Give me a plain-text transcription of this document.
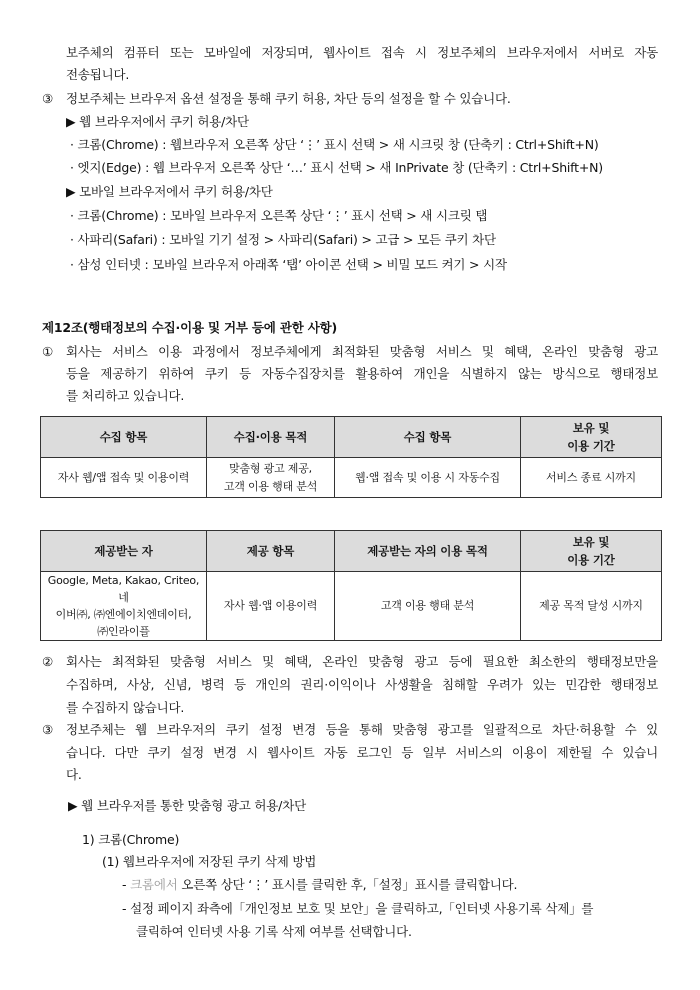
보주체의 컴퓨터 또는 모바일에 저장되며, 웹사이트 접속 시 정보주체의 브라우저에서 서버로 자동
전송됩니다.
③ 정보주체는 브라우저 옵션 설정을 통해 쿠키 허용, 차단 등의 설정을 할 수 있습니다.
▶ 웹 브라우저에서 쿠키 허용/차단
· 크롬(Chrome) : 웹브라우저 오른쪽 상단 ‘⋮’ 표시 선택 > 새 시크릿 창 (단축키 : Ctrl+Shift+N)
· 엣지(Edge) : 웹 브라우저 오른쪽 상단 ‘…’ 표시 선택 > 새 InPrivate 창 (단축키 : Ctrl+Shift+N)
▶ 모바일 브라우저에서 쿠키 허용/차단
· 크롬(Chrome) : 모바일 브라우저 오른쪽 상단 ‘⋮’ 표시 선택 > 새 시크릿 탭
· 사파리(Safari) : 모바일 기기 설정 > 사파리(Safari) > 고급 > 모든 쿠키 차단
· 삼성 인터넷 : 모바일 브라우저 아래쪽 ‘탭’ 아이콘 선택 > 비밀 모드 켜기 > 시작
제12조(행태정보의 수집·이용 및 거부 등에 관한 사항)
① 회사는 서비스 이용 과정에서 정보주체에게 최적화된 맞춤형 서비스 및 혜택, 온라인 맞춤형 광고
등을 제공하기 위하여 쿠키 등 자동수집장치를 활용하여 개인을 식별하지 않는 방식으로 행태정보
를 처리하고 있습니다.
수집 항목	수집·이용 목적	수집 항목	보유 및
이용 기간

자사 웹/앱 접속 및 이용이력	맞춤형 광고 제공,
고객 이용 행태 분석	웹·앱 접속 및 이용 시 자동수집	서비스 종료 시까지
제공받는 자	제공 항목	제공받는 자의 이용 목적	보유 및
이용 기간

Google, Meta, Kakao, Criteo, 네
이버㈜, ㈜엔에이치엔데이터,
㈜인라이플	자사 웹·앱 이용이력	고객 이용 행태 분석	제공 목적 달성 시까지
② 회사는 최적화된 맞춤형 서비스 및 혜택, 온라인 맞춤형 광고 등에 필요한 최소한의 행태정보만을
수집하며, 사상, 신념, 병력 등 개인의 권리·이익이나 사생활을 침해할 우려가 있는 민감한 행태정보
를 수집하지 않습니다.
③ 정보주체는 웹 브라우저의 쿠키 설정 변경 등을 통해 맞춤형 광고를 일괄적으로 차단·허용할 수 있
습니다. 다만 쿠키 설정 변경 시 웹사이트 자동 로그인 등 일부 서비스의 이용이 제한될 수 있습니
다.
▶ 웹 브라우저를 통한 맞춤형 광고 허용/차단
1) 크롬(Chrome)
(1) 웹브라우저에 저장된 쿠키 삭제 방법
- 크롬에서 오른쪽 상단 ‘⋮’ 표시를 클릭한 후,「설정」표시를 클릭합니다.
- 설정 페이지 좌측에「개인정보 보호 및 보안」을 클릭하고,「인터넷 사용기록 삭제」를
클릭하여 인터넷 사용 기록 삭제 여부를 선택합니다.
